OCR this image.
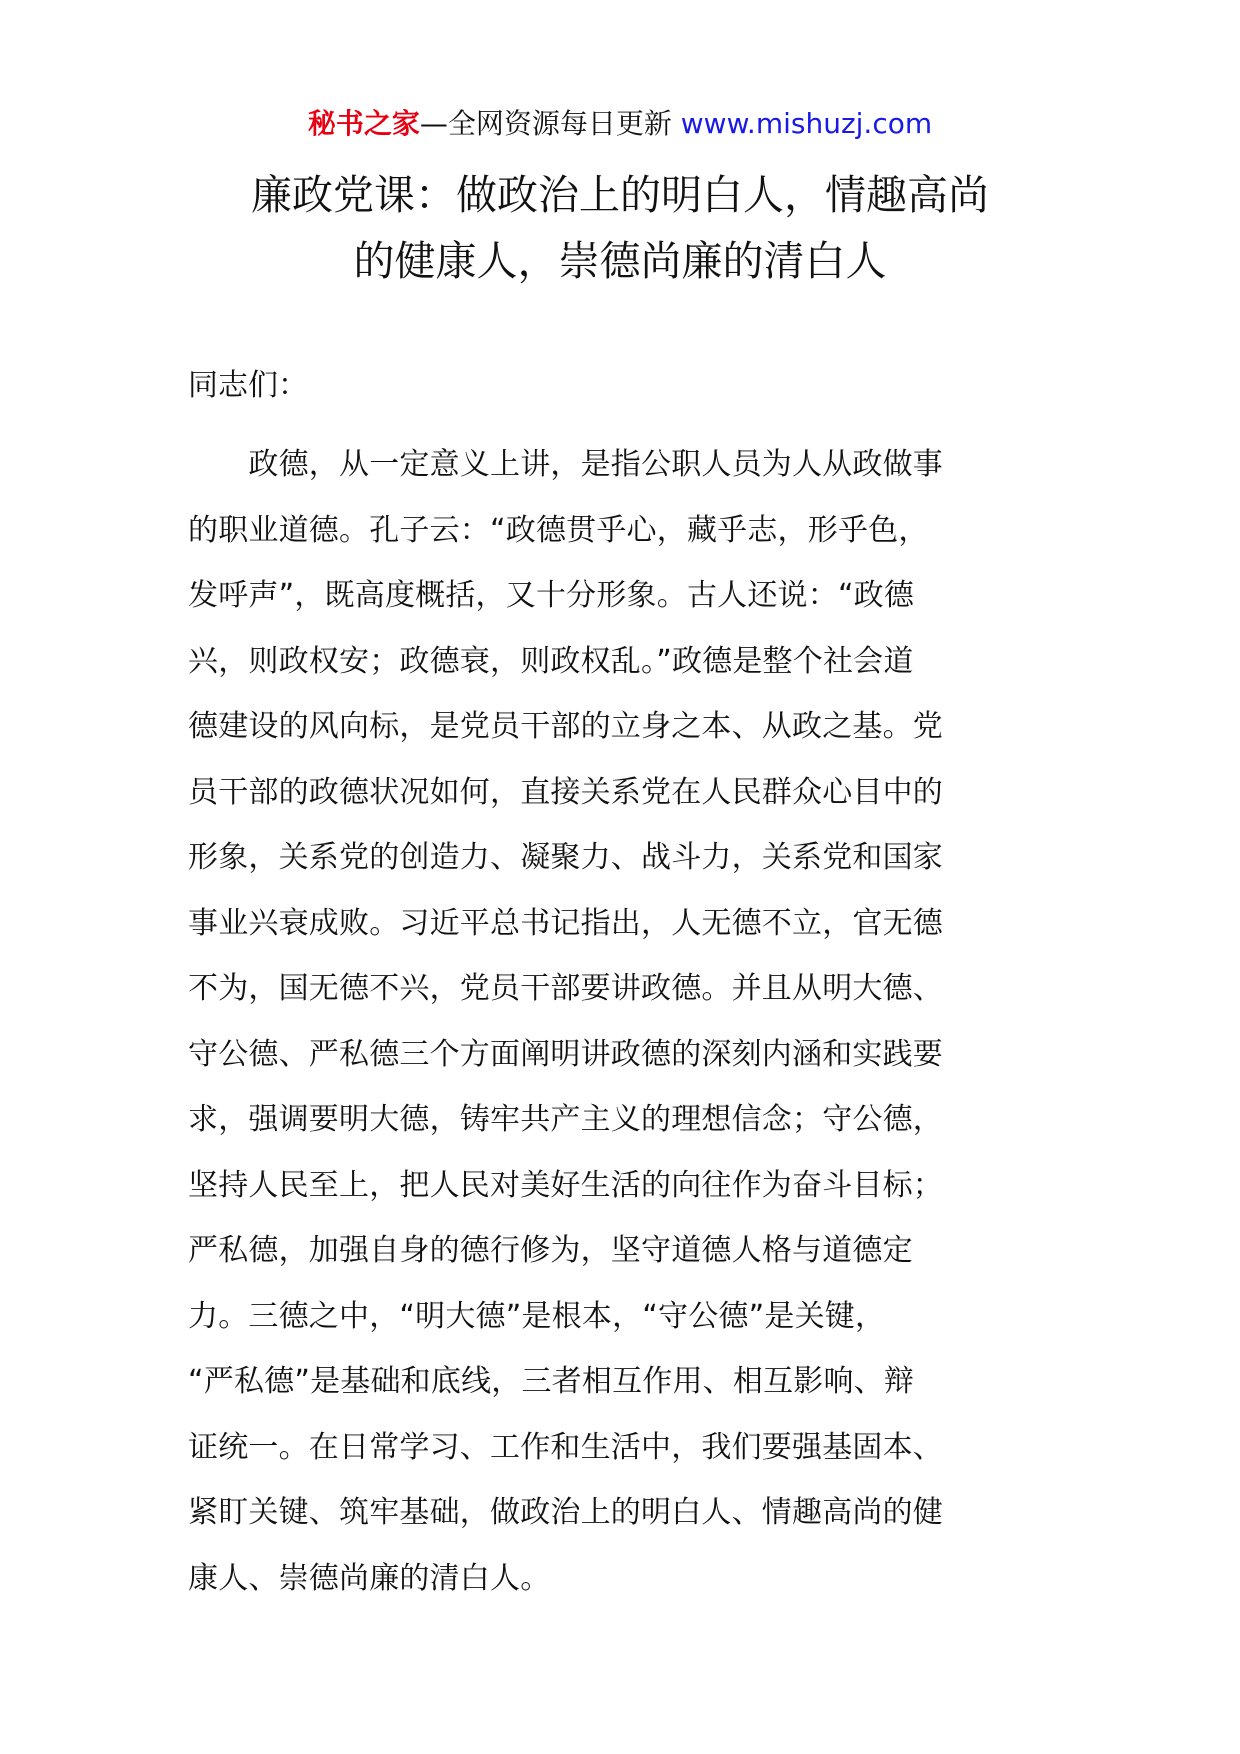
秘书之家—全网资源每日更新 www.mishuzj.com
廉政党课：做政治上的明白人，情趣高尚
的健康人，崇德尚廉的清白人
同志们：
　　政德，从一定意义上讲，是指公职人员为人从政做事
的职业道德。孔子云：“政德贯乎心，藏乎志，形乎色，
发呼声”，既高度概括，又十分形象。古人还说：“政德
兴，则政权安；政德衰，则政权乱。”政德是整个社会道
德建设的风向标，是党员干部的立身之本、从政之基。党
员干部的政德状况如何，直接关系党在人民群众心目中的
形象，关系党的创造力、凝聚力、战斗力，关系党和国家
事业兴衰成败。习近平总书记指出，人无德不立，官无德
不为，国无德不兴，党员干部要讲政德。并且从明大德、
守公德、严私德三个方面阐明讲政德的深刻内涵和实践要
求，强调要明大德，铸牢共产主义的理想信念；守公德，
坚持人民至上，把人民对美好生活的向往作为奋斗目标；
严私德，加强自身的德行修为，坚守道德人格与道德定
力。三德之中，“明大德”是根本，“守公德”是关键，
“严私德”是基础和底线，三者相互作用、相互影响、辩
证统一。在日常学习、工作和生活中，我们要强基固本、
紧盯关键、筑牢基础，做政治上的明白人、情趣高尚的健
康人、崇德尚廉的清白人。
